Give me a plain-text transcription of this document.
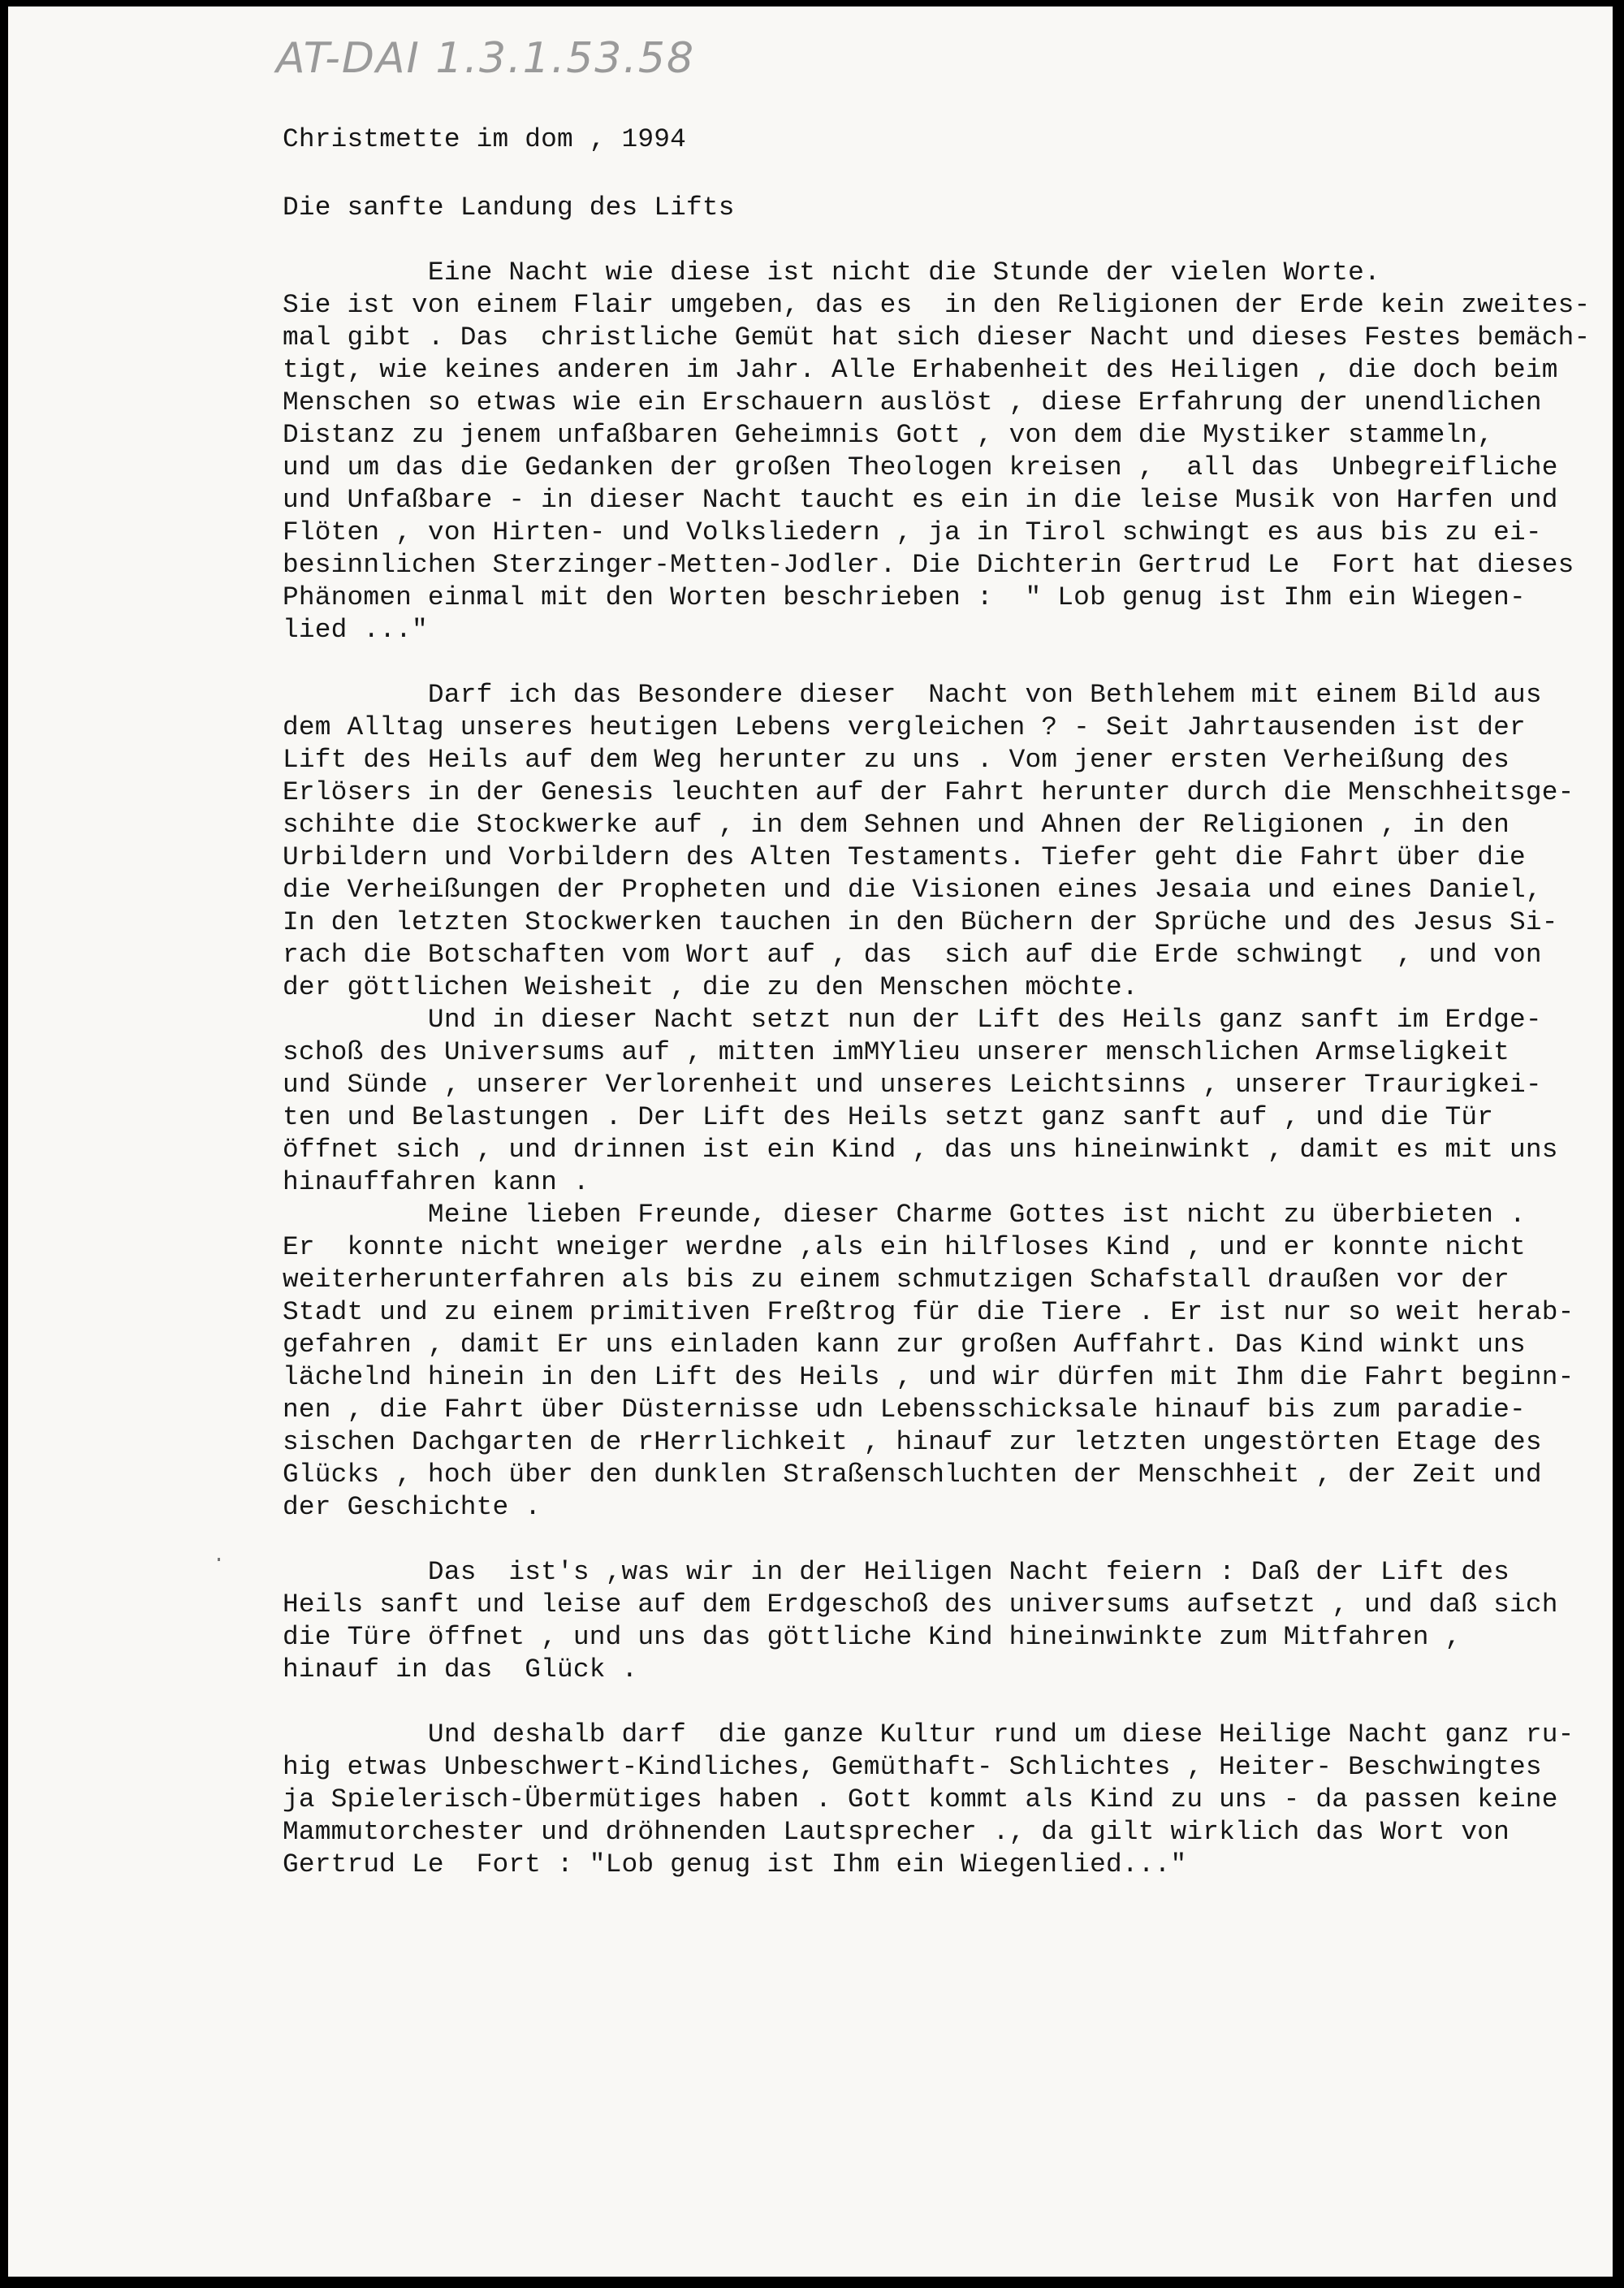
AT-DAI 1.3.1.53.58
Christmette im dom , 1994
Die sanfte Landung des Lifts
Eine Nacht wie diese ist nicht die Stunde der vielen Worte.
Sie ist von einem Flair umgeben, das es  in den Religionen der Erde kein zweites-
mal gibt . Das  christliche Gemüt hat sich dieser Nacht und dieses Festes bemäch-
tigt, wie keines anderen im Jahr. Alle Erhabenheit des Heiligen , die doch beim
Menschen so etwas wie ein Erschauern auslöst , diese Erfahrung der unendlichen
Distanz zu jenem unfaßbaren Geheimnis Gott , von dem die Mystiker stammeln,
und um das die Gedanken der großen Theologen kreisen ,  all das  Unbegreifliche
und Unfaßbare - in dieser Nacht taucht es ein in die leise Musik von Harfen und
Flöten , von Hirten- und Volksliedern , ja in Tirol schwingt es aus bis zu ei-
besinnlichen Sterzinger-Metten-Jodler. Die Dichterin Gertrud Le  Fort hat dieses
Phänomen einmal mit den Worten beschrieben :  " Lob genug ist Ihm ein Wiegen-
lied ..."
Darf ich das Besondere dieser  Nacht von Bethlehem mit einem Bild aus
dem Alltag unseres heutigen Lebens vergleichen ? - Seit Jahrtausenden ist der
Lift des Heils auf dem Weg herunter zu uns . Vom jener ersten Verheißung des
Erlösers in der Genesis leuchten auf der Fahrt herunter durch die Menschheitsge-
schihte die Stockwerke auf , in dem Sehnen und Ahnen der Religionen , in den
Urbildern und Vorbildern des Alten Testaments. Tiefer geht die Fahrt über die
die Verheißungen der Propheten und die Visionen eines Jesaia und eines Daniel,
In den letzten Stockwerken tauchen in den Büchern der Sprüche und des Jesus Si-
rach die Botschaften vom Wort auf , das  sich auf die Erde schwingt  , und von
der göttlichen Weisheit , die zu den Menschen möchte.
Und in dieser Nacht setzt nun der Lift des Heils ganz sanft im Erdge-
schoß des Universums auf , mitten imMYlieu unserer menschlichen Armseligkeit
und Sünde , unserer Verlorenheit und unseres Leichtsinns , unserer Traurigkei-
ten und Belastungen . Der Lift des Heils setzt ganz sanft auf , und die Tür
öffnet sich , und drinnen ist ein Kind , das uns hineinwinkt , damit es mit uns
hinauffahren kann .
Meine lieben Freunde, dieser Charme Gottes ist nicht zu überbieten .
Er  konnte nicht wneiger werdne ,als ein hilfloses Kind , und er konnte nicht
weiterherunterfahren als bis zu einem schmutzigen Schafstall draußen vor der
Stadt und zu einem primitiven Freßtrog für die Tiere . Er ist nur so weit herab-
gefahren , damit Er uns einladen kann zur großen Auffahrt. Das Kind winkt uns
lächelnd hinein in den Lift des Heils , und wir dürfen mit Ihm die Fahrt beginn-
nen , die Fahrt über Düsternisse udn Lebensschicksale hinauf bis zum paradie-
sischen Dachgarten de rHerrlichkeit , hinauf zur letzten ungestörten Etage des
Glücks , hoch über den dunklen Straßenschluchten der Menschheit , der Zeit und
der Geschichte .
Das  ist's ,was wir in der Heiligen Nacht feiern : Daß der Lift des
Heils sanft und leise auf dem Erdgeschoß des universums aufsetzt , und daß sich
die Türe öffnet , und uns das göttliche Kind hineinwinkte zum Mitfahren ,
hinauf in das  Glück .
Und deshalb darf  die ganze Kultur rund um diese Heilige Nacht ganz ru-
hig etwas Unbeschwert-Kindliches, Gemüthaft- Schlichtes , Heiter- Beschwingtes
ja Spielerisch-Übermütiges haben . Gott kommt als Kind zu uns - da passen keine
Mammutorchester und dröhnenden Lautsprecher ., da gilt wirklich das Wort von
Gertrud Le  Fort : "Lob genug ist Ihm ein Wiegenlied..."
